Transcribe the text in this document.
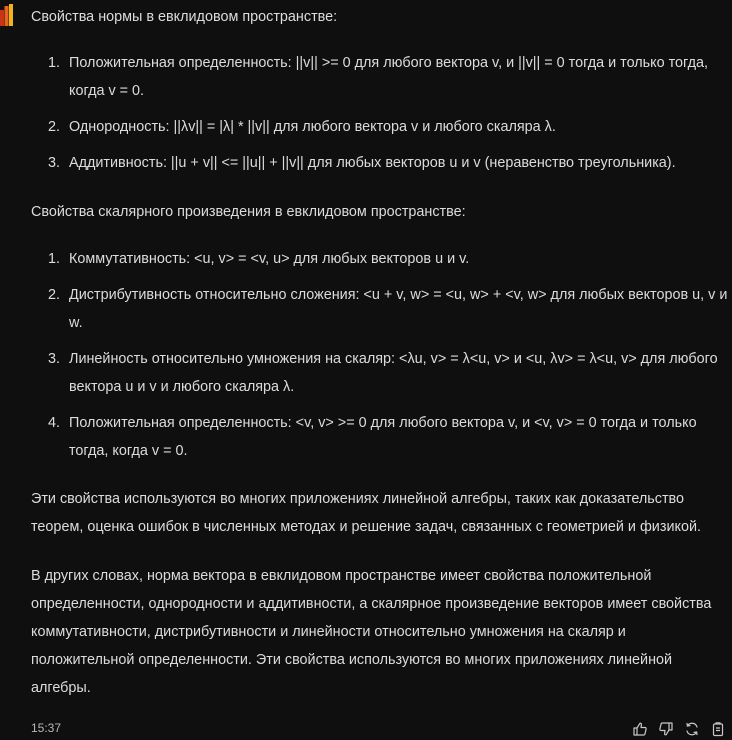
Свойства нормы в евклидовом пространстве:

1. Положительная определенность: ||v|| >= 0 для любого вектора v, и ||v|| = 0 тогда и только тогда, когда v = 0.
2. Однородность: ||λv|| = |λ| * ||v|| для любого вектора v и любого скаляра λ.
3. Аддитивность: ||u + v|| <= ||u|| + ||v|| для любых векторов u и v (неравенство треугольника).

Свойства скалярного произведения в евклидовом пространстве:

1. Коммутативность: <u, v> = <v, u> для любых векторов u и v.
2. Дистрибутивность относительно сложения: <u + v, w> = <u, w> + <v, w> для любых векторов u, v и w.
3. Линейность относительно умножения на скаляр: <λu, v> = λ<u, v> и <u, λv> = λ<u, v> для любого вектора u и v и любого скаляра λ.
4. Положительная определенность: <v, v> >= 0 для любого вектора v, и <v, v> = 0 тогда и только тогда, когда v = 0.

Эти свойства используются во многих приложениях линейной алгебры, таких как доказательство теорем, оценка ошибок в численных методах и решение задач, связанных с геометрией и физикой.

В других словах, норма вектора в евклидовом пространстве имеет свойства положительной определенности, однородности и аддитивности, а скалярное произведение векторов имеет свойства коммутативности, дистрибутивности и линейности относительно умножения на скаляр и положительной определенности. Эти свойства используются во многих приложениях линейной алгебры.

15:37
